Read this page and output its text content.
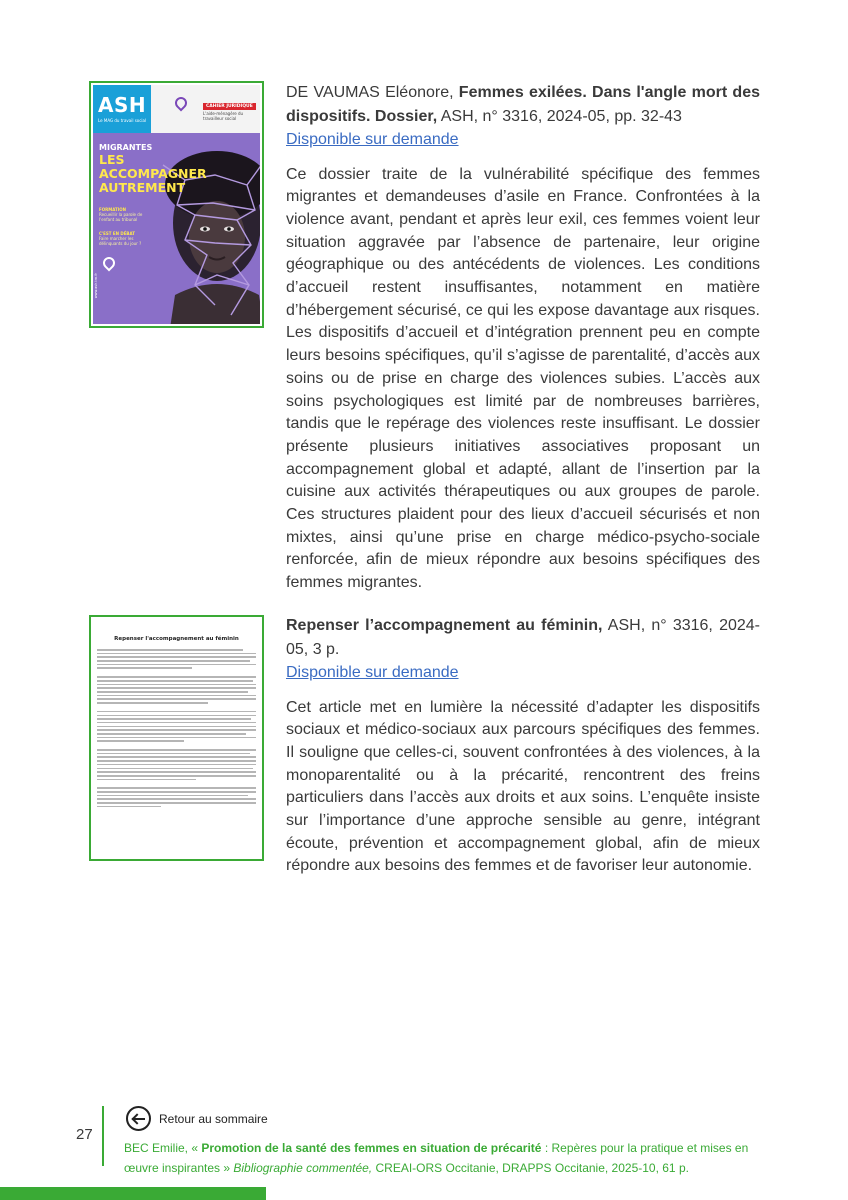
ASH
Le MAG du travail social
CAHIER JURIDIQUE
L'aide-ménagère du travailleur social
MIGRANTES
LES ACCOMPAGNER AUTREMENT
FORMATION
Recueillir la parole de l'enfant au tribunal
C'EST EN DÉBAT
Faire marcher les délinquants du jour ?
www.ash.tm.fr

DE VAUMAS Eléonore, Femmes exilées. Dans l'angle mort des dispositifs. Dossier, ASH, n° 3316, 2024-05, pp. 32-43

Disponible sur demande

Ce dossier traite de la vulnérabilité spécifique des femmes migrantes et demandeuses d’asile en France. Confrontées à la violence avant, pendant et après leur exil, ces femmes voient leur situation aggravée par l’absence de partenaire, leur origine géographique ou des antécédents de violences. Les conditions d’accueil restent insuffisantes, notamment en matière d’hébergement sécurisé, ce qui les expose davantage aux risques. Les dispositifs d’accueil et d’intégration prennent peu en compte leurs besoins spécifiques, qu’il s’agisse de parentalité, d’accès aux soins ou de prise en charge des violences subies. L’accès aux soins psychologiques est limité par de nombreuses barrières, tandis que le repérage des violences reste insuffisant. Le dossier présente plusieurs initiatives associatives proposant un accompagnement global et adapté, allant de l’insertion par la cuisine aux activités thérapeutiques ou aux groupes de parole. Ces structures plaident pour des lieux d’accueil sécurisés et non mixtes, ainsi qu’une prise en charge médico-psycho-sociale renforcée, afin de mieux répondre aux besoins spécifiques des femmes migrantes.

Repenser l'accompagnement au féminin

Repenser l’accompagnement au féminin, ASH, n° 3316, 2024-05, 3 p.

Disponible sur demande

Cet article met en lumière la nécessité d’adapter les dispositifs sociaux et médico-sociaux aux parcours spécifiques des femmes. Il souligne que celles-ci, souvent confrontées à des violences, à la monoparentalité ou à la précarité, rencontrent des freins particuliers dans l’accès aux droits et aux soins. L’enquête insiste sur l’importance d’une approche sensible au genre, intégrant écoute, prévention et accompagnement global, afin de mieux répondre aux besoins des femmes et de favoriser leur autonomie.

27
Retour au sommaire
BEC Emilie, « Promotion de la santé des femmes en situation de précarité : Repères pour la pratique et mises en œuvre inspirantes » Bibliographie commentée, CREAI-ORS Occitanie, DRAPPS Occitanie, 2025-10, 61 p.
